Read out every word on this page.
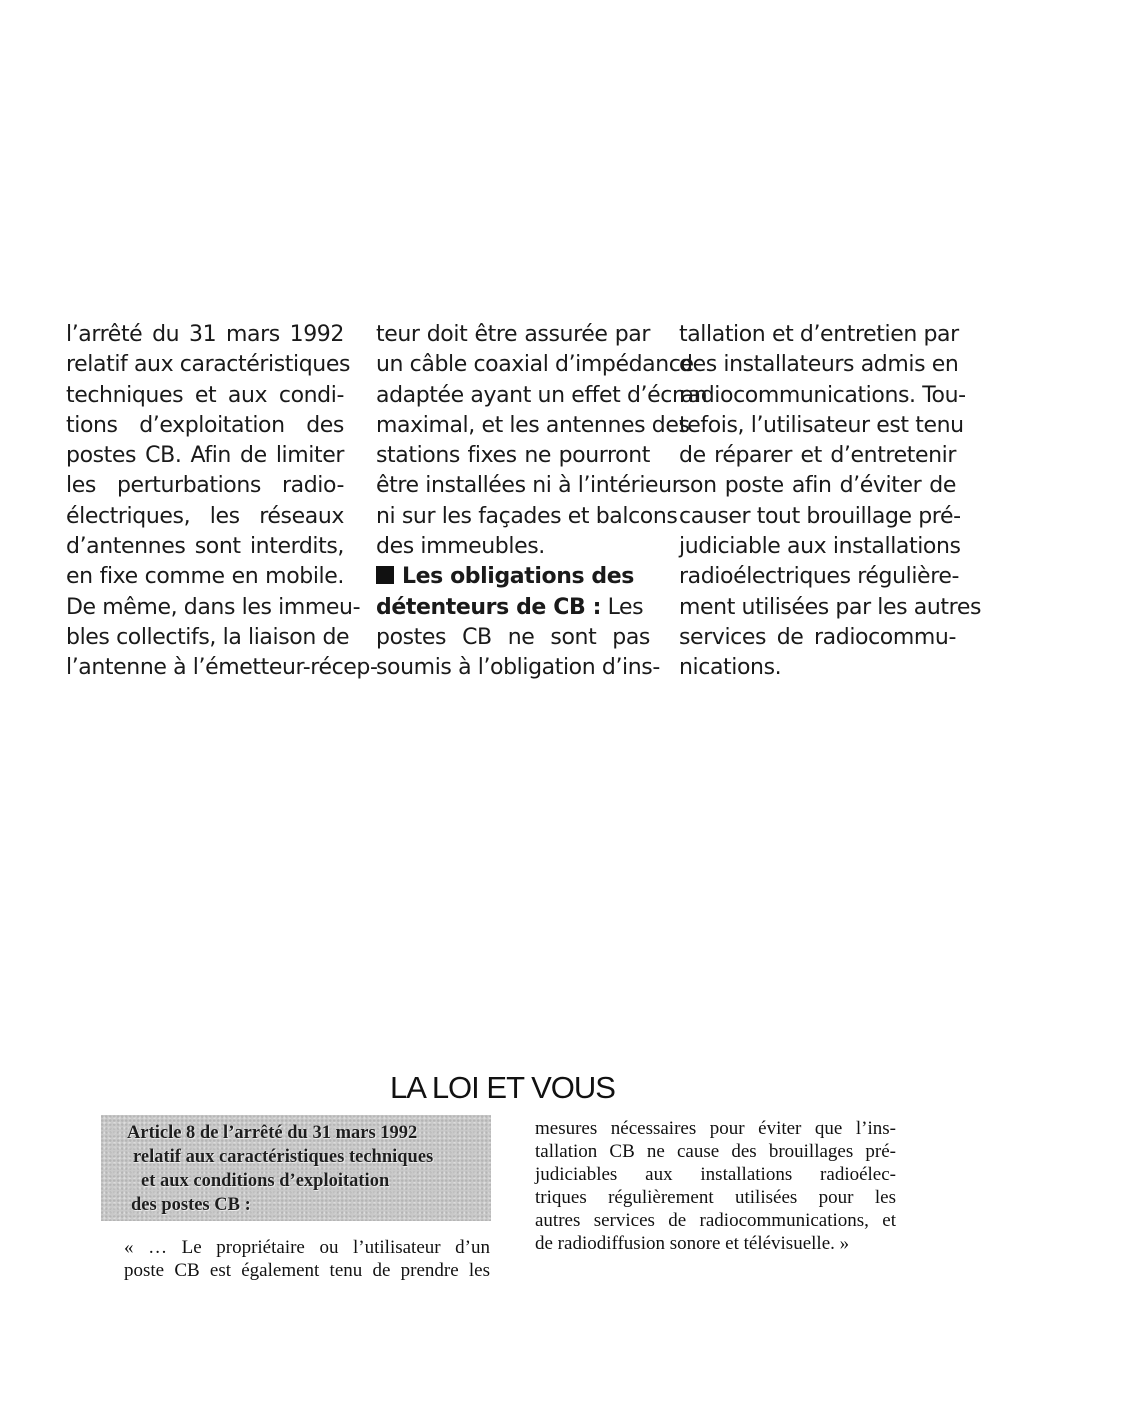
l’arrêté du 31 mars 1992
relatif aux caractéristiques
techniques et aux condi-
tions d’exploitation des
postes CB. Afin de limiter
les perturbations radio-
électriques, les réseaux
d’antennes sont interdits,
en fixe comme en mobile.
De même, dans les immeu-
bles collectifs, la liaison de
l’antenne à l’émetteur-récep-
teur doit être assurée par
un câble coaxial d’impédance
adaptée ayant un effet d’écran
maximal, et les antennes des
stations fixes ne pourront
être installées ni à l’intérieur
ni sur les façades et balcons
des immeubles.
Les obligations des
détenteurs de CB : Les
postes CB ne sont pas
soumis à l’obligation d’ins-
tallation et d’entretien par
des installateurs admis en
radiocommunications. Tou-
tefois, l’utilisateur est tenu
de réparer et d’entretenir
son poste afin d’éviter de
causer tout brouillage pré-
judiciable aux installations
radioélectriques régulière-
ment utilisées par les autres
services de radiocommu-
nications.
LA LOI ET VOUS
Article 8 de l’arrêté du 31 mars 1992
relatif aux caractéristiques techniques
et aux conditions d’exploitation
des postes CB :
« … Le propriétaire ou l’utilisateur d’un
poste CB est également tenu de prendre les
mesures nécessaires pour éviter que l’ins-
tallation CB ne cause des brouillages pré-
judiciables aux installations radioélec-
triques régulièrement utilisées pour les
autres services de radiocommunications, et
de radiodiffusion sonore et télévisuelle. »
